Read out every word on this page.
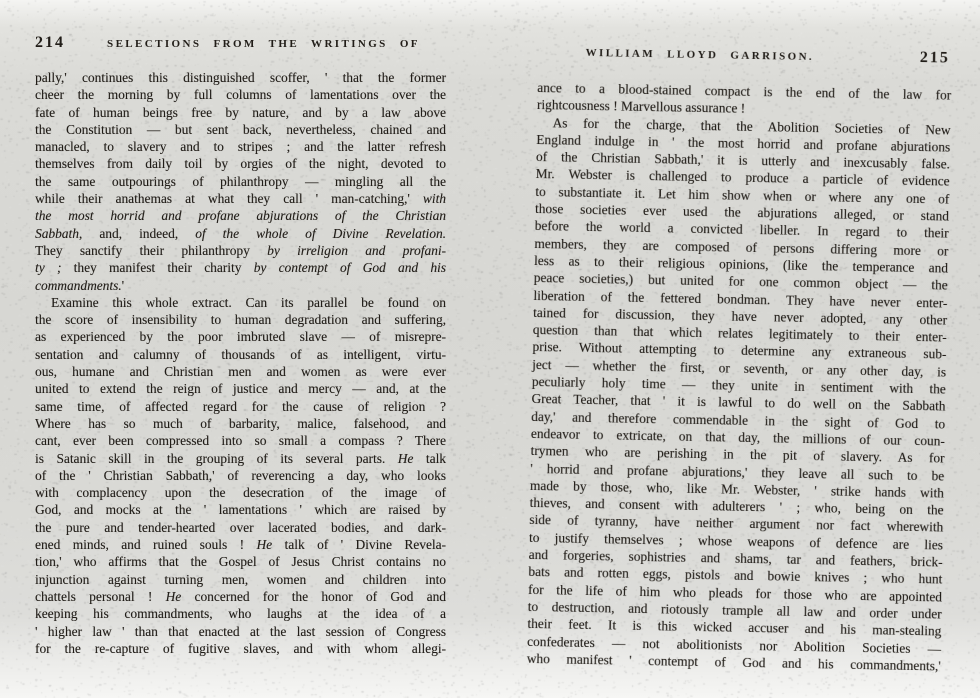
214	SELECTIONS FROM THE WRITINGS OF
pally,' continues this distinguished scoffer, ' that the former
cheer the morning by full columns of lamentations over the
fate of human beings free by nature, and by a law above
the Constitution — but sent back, nevertheless, chained and
manacled, to slavery and to stripes ; and the latter refresh
themselves from daily toil by orgies of the night, devoted to
the same outpourings of philanthropy — mingling all the
while their anathemas at what they call ' man-catching,' with
the most horrid and profane abjurations of the Christian
Sabbath, and, indeed, of the whole of Divine Revelation.
They sanctify their philanthropy by irreligion and profani-
ty ; they manifest their charity by contempt of God and his
commandments.'
Examine this whole extract. Can its parallel be found on
the score of insensibility to human degradation and suffering,
as experienced by the poor imbruted slave — of misrepre-
sentation and calumny of thousands of as intelligent, virtu-
ous, humane and Christian men and women as were ever
united to extend the reign of justice and mercy — and, at the
same time, of affected regard for the cause of religion ?
Where has so much of barbarity, malice, falsehood, and
cant, ever been compressed into so small a compass ? There
is Satanic skill in the grouping of its several parts. He talk
of the ' Christian Sabbath,' of reverencing a day, who looks
with complacency upon the desecration of the image of
God, and mocks at the ' lamentations ' which are raised by
the pure and tender-hearted over lacerated bodies, and dark-
ened minds, and ruined souls ! He talk of ' Divine Revela-
tion,' who affirms that the Gospel of Jesus Christ contains no
injunction against turning men, women and children into
chattels personal ! He concerned for the honor of God and
keeping his commandments, who laughs at the idea of a
' higher law ' than that enacted at the last session of Congress
for the re-capture of fugitive slaves, and with whom allegi-
WILLIAM LLOYD GARRISON.	215
ance to a blood-stained compact is the end of the law for
rightcousness ! Marvellous assurance !
As for the charge, that the Abolition Societies of New
England indulge in ' the most horrid and profane abjurations
of the Christian Sabbath,' it is utterly and inexcusably false.
Mr. Webster is challenged to produce a particle of evidence
to substantiate it. Let him show when or where any one of
those societies ever used the abjurations alleged, or stand
before the world a convicted libeller. In regard to their
members, they are composed of persons differing more or
less as to their religious opinions, (like the temperance and
peace societies,) but united for one common object — the
liberation of the fettered bondman. They have never enter-
tained for discussion, they have never adopted, any other
question than that which relates legitimately to their enter-
prise. Without attempting to determine any extraneous sub-
ject — whether the first, or seventh, or any other day, is
peculiarly holy time — they unite in sentiment with the
Great Teacher, that ' it is lawful to do well on the Sabbath
day,' and therefore commendable in the sight of God to
endeavor to extricate, on that day, the millions of our coun-
trymen who are perishing in the pit of slavery. As for
' horrid and profane abjurations,' they leave all such to be
made by those, who, like Mr. Webster, ' strike hands with
thieves, and consent with adulterers ' ; who, being on the
side of tyranny, have neither argument nor fact wherewith
to justify themselves ; whose weapons of defence are lies
and forgeries, sophistries and shams, tar and feathers, brick-
bats and rotten eggs, pistols and bowie knives ; who hunt
for the life of him who pleads for those who are appointed
to destruction, and riotously trample all law and order under
their feet. It is this wicked accuser and his man-stealing
confederates — not abolitionists nor Abolition Societies —
who manifest ' contempt of God and his commandments,'
